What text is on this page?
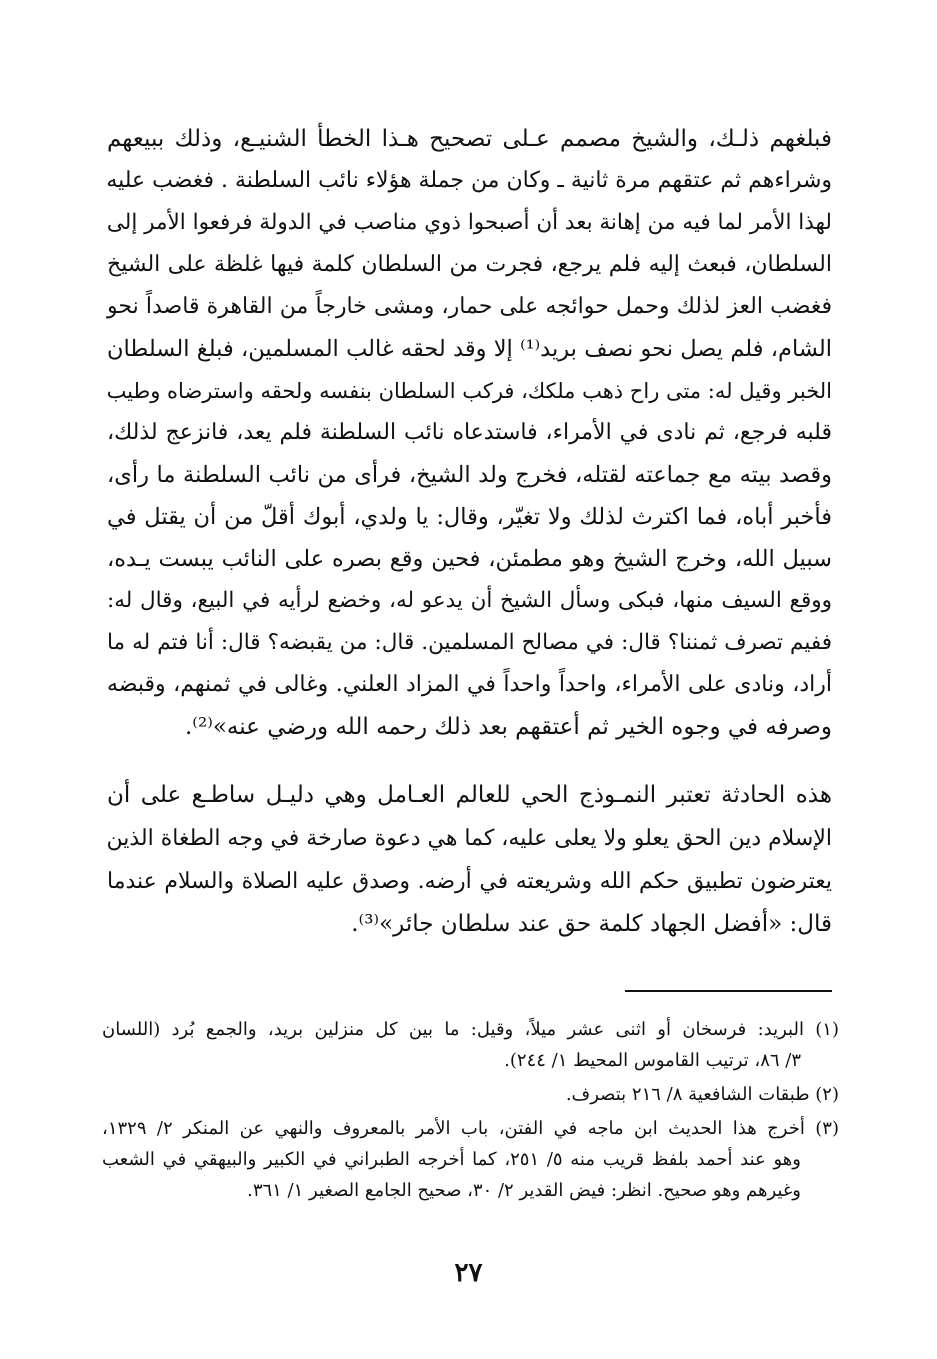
فبلغهم ذلـك، والشيخ مصمم عـلى تصحيح هـذا الخطأ الشنيـع، وذلك ببيعهم
وشراءهم ثم عتقهم مرة ثانية ـ وكان من جملة هؤلاء نائب السلطنة . فغضب عليه
لهذا الأمر لما فيه من إهانة بعد أن أصبحوا ذوي مناصب في الدولة فرفعوا الأمر إلى
السلطان، فبعث إليه فلم يرجع، فجرت من السلطان كلمة فيها غلظة على الشيخ
فغضب العز لذلك وحمل حوائجه على حمار، ومشى خارجاً من القاهرة قاصداً نحو
الشام، فلم يصل نحو نصف بريد⁽¹⁾ إلا وقد لحقه غالب المسلمين، فبلغ السلطان
الخبر وقيل له: متى راح ذهب ملكك، فركب السلطان بنفسه ولحقه واسترضاه وطيب
قلبه فرجع، ثم نادى في الأمراء، فاستدعاه نائب السلطنة فلم يعد، فانزعج لذلك،
وقصد بيته مع جماعته لقتله، فخرج ولد الشيخ، فرأى من نائب السلطنة ما رأى،
فأخبر أباه، فما اكترث لذلك ولا تغيّر، وقال: يا ولدي، أبوك أقلّ من أن يقتل في
سبيل الله، وخرج الشيخ وهو مطمئن، فحين وقع بصره على النائب يبست يـده،
ووقع السيف منها، فبكى وسأل الشيخ أن يدعو له، وخضع لرأيه في البيع، وقال له:
ففيم تصرف ثمننا؟ قال: في مصالح المسلمين. قال: من يقبضه؟ قال: أنا فتم له ما
أراد، ونادى على الأمراء، واحداً واحداً في المزاد العلني. وغالى في ثمنهم، وقبضه
وصرفه في وجوه الخير ثم أعتقهم بعد ذلك رحمه الله ورضي عنه»⁽²⁾.
هذه الحادثة تعتبر النمـوذج الحي للعالم العـامل وهي دليـل ساطـع على أن
الإسلام دين الحق يعلو ولا يعلى عليه، كما هي دعوة صارخة في وجه الطغاة الذين
يعترضون تطبيق حكم الله وشريعته في أرضه. وصدق عليه الصلاة والسلام عندما
قال: «أفضل الجهاد كلمة حق عند سلطان جائر»⁽³⁾.
(١) البريد: فرسخان أو اثنى عشر ميلاً، وقيل: ما بين كل منزلين بريد، والجمع بُرد (اللسان
٣/ ٨٦، ترتيب القاموس المحيط ١/ ٢٤٤).
(٢) طبقات الشافعية ٨/ ٢١٦ بتصرف.
(٣) أخرج هذا الحديث ابن ماجه في الفتن، باب الأمر بالمعروف والنهي عن المنكر ٢/ ١٣٢٩،
وهو عند أحمد بلفظ قريب منه ٥/ ٢٥١، كما أخرجه الطبراني في الكبير والبيهقي في الشعب
وغيرهم وهو صحيح. انظر: فيض القدير ٢/ ٣٠، صحيح الجامع الصغير ١/ ٣٦١.
٢٧
